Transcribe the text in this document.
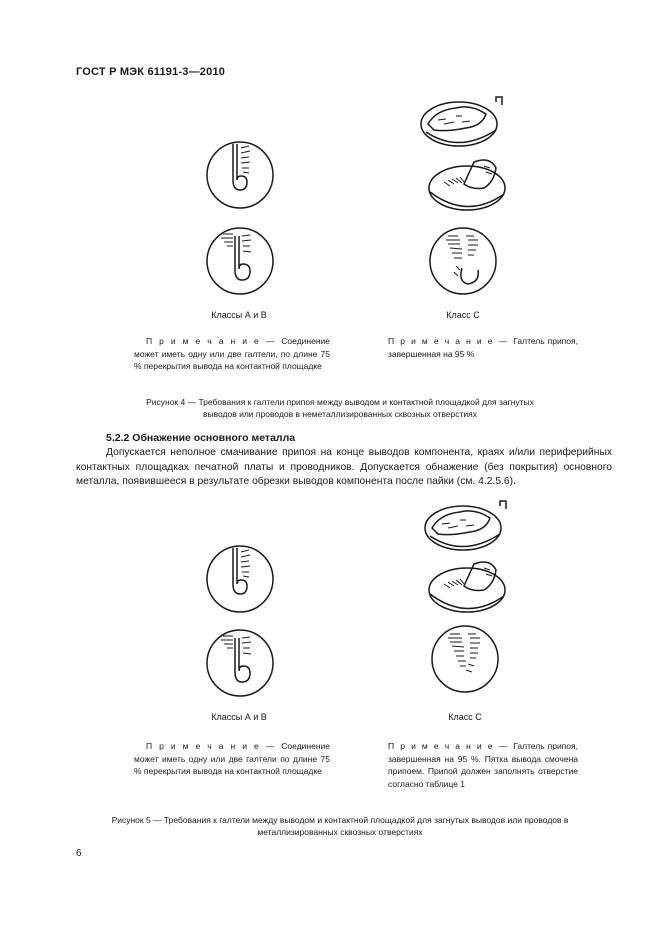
ГОСТ Р МЭК 61191-3—2010
Классы А и В	Класс С
П р и м е ч а н и е — Соединение может иметь одну или две галтели, по длине 75 % перекрытия вывода на контактной площадке
П р и м е ч а н и е — Галтель припоя, завершенная на 95 %
Рисунок 4 — Требования к галтели припоя между выводом и контактной площадкой для загнутых выводов или проводов в неметаллизированных сквозных отверстиях
5.2.2 Обнажение основного металла
Допускается неполное смачивание припоя на конце выводов компонента, краях и/или периферийных контактных площадках печатной платы и проводников. Допускается обнажение (без покрытия) основного металла, появившееся в результате обрезки выводов компонента после пайки (см. 4.2.5.6).
Классы А и В	Класс С
П р и м е ч а н и е — Соединение может иметь одну или две галтели по длине 75 % перекрытия вывода на контактной площадке
П р и м е ч а н и е — Галтель припоя, завершенная на 95 %. Пятка вывода смочена припоем. Припой должен заполнять отверстие согласно таблице 1
Рисунок 5 — Требования к галтели между выводом и контактной площадкой для загнутых выводов или проводов в металлизированных сквозных отверстиях
6
